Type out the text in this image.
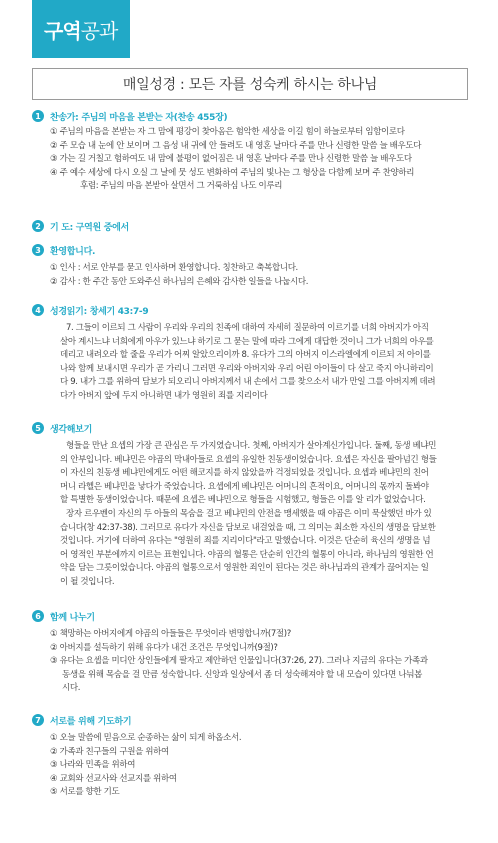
구역 공과
매일성경 : 모든 자를 성숙케 하시는 하나님
1	찬송가: 주님의 마음을 본받는 자(찬송 455장)
① 주님의 마음을 본받는 자 그 맘에 평강이 찾아옴은 험악한 세상을 이길 힘이 하늘로부터 임함이로다
② 주 모습 내 눈에 안 보이며 그 음성 내 귀에 안 들려도 내 영혼 날마다 주를 만나 신령한 말씀 늘 배우도다
③ 가는 길 거칠고 험하여도 내 맘에 불평이 없어짐은 내 영혼 날마다 주를 만나 신령한 말씀 늘 배우도다
④ 주 예수 세상에 다시 오실 그 날에 뭇 성도 변화하여 주님의 빛나는 그 형상을 다함께 보며 주 찬양하리
후렴: 주님의 마음 본받아 살면서 그 거룩하심 나도 이루리
2	기 도: 구역원 중에서
3	환영합니다.
① 인사 : 서로 안부를 묻고 인사하며 환영합니다. 칭찬하고 축복합니다.
② 감사 : 한 주간 동안 도와주신 하나님의 은혜와 감사한 일들을 나눕시다.
4	성경읽기: 창세기 43:7-9
7. 그들이 이르되 그 사람이 우리와 우리의 친족에 대하여 자세히 질문하여 이르기를 너희 아버지가 아직
살아 계시느냐 너희에게 아우가 있느냐 하기로 그 묻는 말에 따라 그에게 대답한 것이니 그가 너희의 아우를
데리고 내려오라 할 줄을 우리가 어찌 알았으리이까 8. 유다가 그의 아버지 이스라엘에게 이르되 저 아이를
나와 함께 보내시면 우리가 곧 가리니 그러면 우리와 아버지와 우리 어린 아이들이 다 살고 죽지 아니하리이
다 9. 내가 그를 위하여 담보가 되오리니 아버지께서 내 손에서 그를 찾으소서 내가 만일 그를 아버지께 데려
다가 아버지 앞에 두지 아니하면 내가 영원히 죄를 지리이다
5	생각해보기
형들을 만난 요셉의 가장 큰 관심은 두 가지였습니다. 첫째, 아버지가 살아계신가입니다. 둘째, 동생 베냐민
의 안부입니다. 베냐민은 야곱의 막내아들로 요셉의 유일한 친동생이었습니다. 요셉은 자신을 팔아넘긴 형들
이 자신의 친동생 베냐민에게도 어떤 해코지를 하지 않았을까 걱정되었을 것입니다. 요셉과 베냐민의 친어
머니 라헬은 베냐민을 낳다가 죽었습니다. 요셉에게 베냐민은 어머니의 흔적이요, 어머니의 몫까지 돌봐야
할 특별한 동생이었습니다. 때문에 요셉은 베냐민으로 형들을 시험했고, 형들은 이를 알 리가 없었습니다.
장자 르우벤이 자신의 두 아들의 목숨을 걸고 베냐민의 안전을 맹세했을 때 야곱은 이미 묵살했던 바가 있
습니다(창 42:37-38). 그러므로 유다가 자신을 담보로 내걸었을 때, 그 의미는 최소한 자신의 생명을 담보한
것입니다. 거기에 더하여 유다는 "영원히 죄를 지리이다"라고 말했습니다. 이것은 단순히 육신의 생명을 넘
어 영적인 부분에까지 이르는 표현입니다. 야곱의 혈통은 단순히 인간의 혈통이 아니라, 하나님의 영원한 언
약을 담는 그릇이었습니다. 야곱의 혈통으로서 영원한 죄인이 된다는 것은 하나님과의 관계가 끊어지는 일
이 될 것입니다.
6	함께 나누기
① 책망하는 아버지에게 야곱의 아들들은 무엇이라 변명합니까(7절)?
② 아버지를 설득하기 위해 유다가 내건 조건은 무엇입니까(9절)?
③ 유다는 요셉을 미디안 상인들에게 팔자고 제안하던 인물입니다(37:26, 27). 그러나 지금의 유다는 가족과
동생을 위해 목숨을 걸 만큼 성숙합니다. 신앙과 일상에서 좀 더 성숙해져야 할 내 모습이 있다면 나눠봅
시다.
7	서로를 위해 기도하기
① 오늘 말씀에 믿음으로 순종하는 삶이 되게 하옵소서.
② 가족과 친구들의 구원을 위하여
③ 나라와 민족을 위하여
④ 교회와 선교사와 선교지를 위하여
⑤ 서로를 향한 기도
